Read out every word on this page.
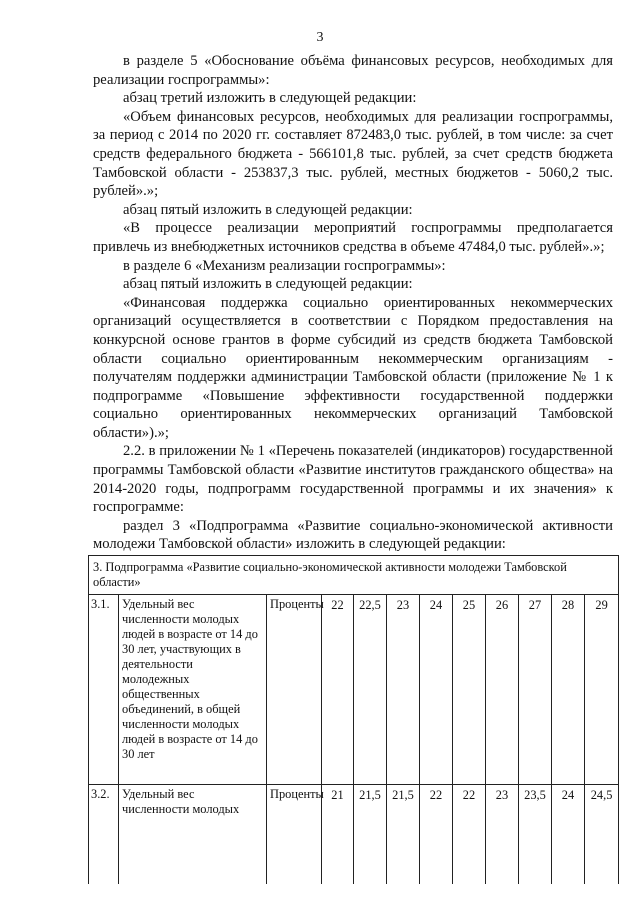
3

в разделе 5 «Обоснование объёма финансовых ресурсов, необходимых для реализации госпрограммы»:

абзац третий изложить в следующей редакции:

«Объем финансовых ресурсов, необходимых для реализации госпрограммы, за период с 2014 по 2020 гг. составляет 872483,0 тыс. рублей, в том числе: за счет средств федерального бюджета - 566101,8 тыс. рублей, за счет средств бюджета Тамбовской области - 253837,3 тыс. рублей, местных бюджетов - 5060,2 тыс. рублей».»;

абзац пятый изложить в следующей редакции:

«В процессе реализации мероприятий госпрограммы предполагается привлечь из внебюджетных источников средства в объеме 47484,0 тыс. рублей».»;

в разделе 6 «Механизм реализации госпрограммы»:

абзац пятый изложить в следующей редакции:

«Финансовая поддержка социально ориентированных некоммерческих организаций осуществляется в соответствии с Порядком предоставления на конкурсной основе грантов в форме субсидий из средств бюджета Тамбовской области социально ориентированным некоммерческим организациям - получателям поддержки администрации Тамбовской области (приложение № 1 к подпрограмме «Повышение эффективности государственной поддержки социально ориентированных некоммерческих организаций Тамбовской области»).»;

2.2. в приложении № 1 «Перечень показателей (индикаторов) государственной программы Тамбовской области «Развитие институтов гражданского общества» на 2014-2020 годы, подпрограмм государственной программы и их значения» к госпрограмме:

раздел 3 «Подпрограмма «Развитие социально-экономической активности молодежи Тамбовской области» изложить в следующей редакции:

3. Подпрограмма «Развитие социально-экономической активности молодежи Тамбовской области»											
3.1.	Удельный вес численности молодых людей в возрасте от 14 до 30 лет, участвующих в деятельности молодежных общественных объединений, в общей численности молодых людей в возрасте от 14 до 30 лет	Проценты	22	22,5	23	24	25	26	27	28	29
3.2.	Удельный вес численности молодых	Проценты	21	21,5	21,5	22	22	23	23,5	24	24,5
